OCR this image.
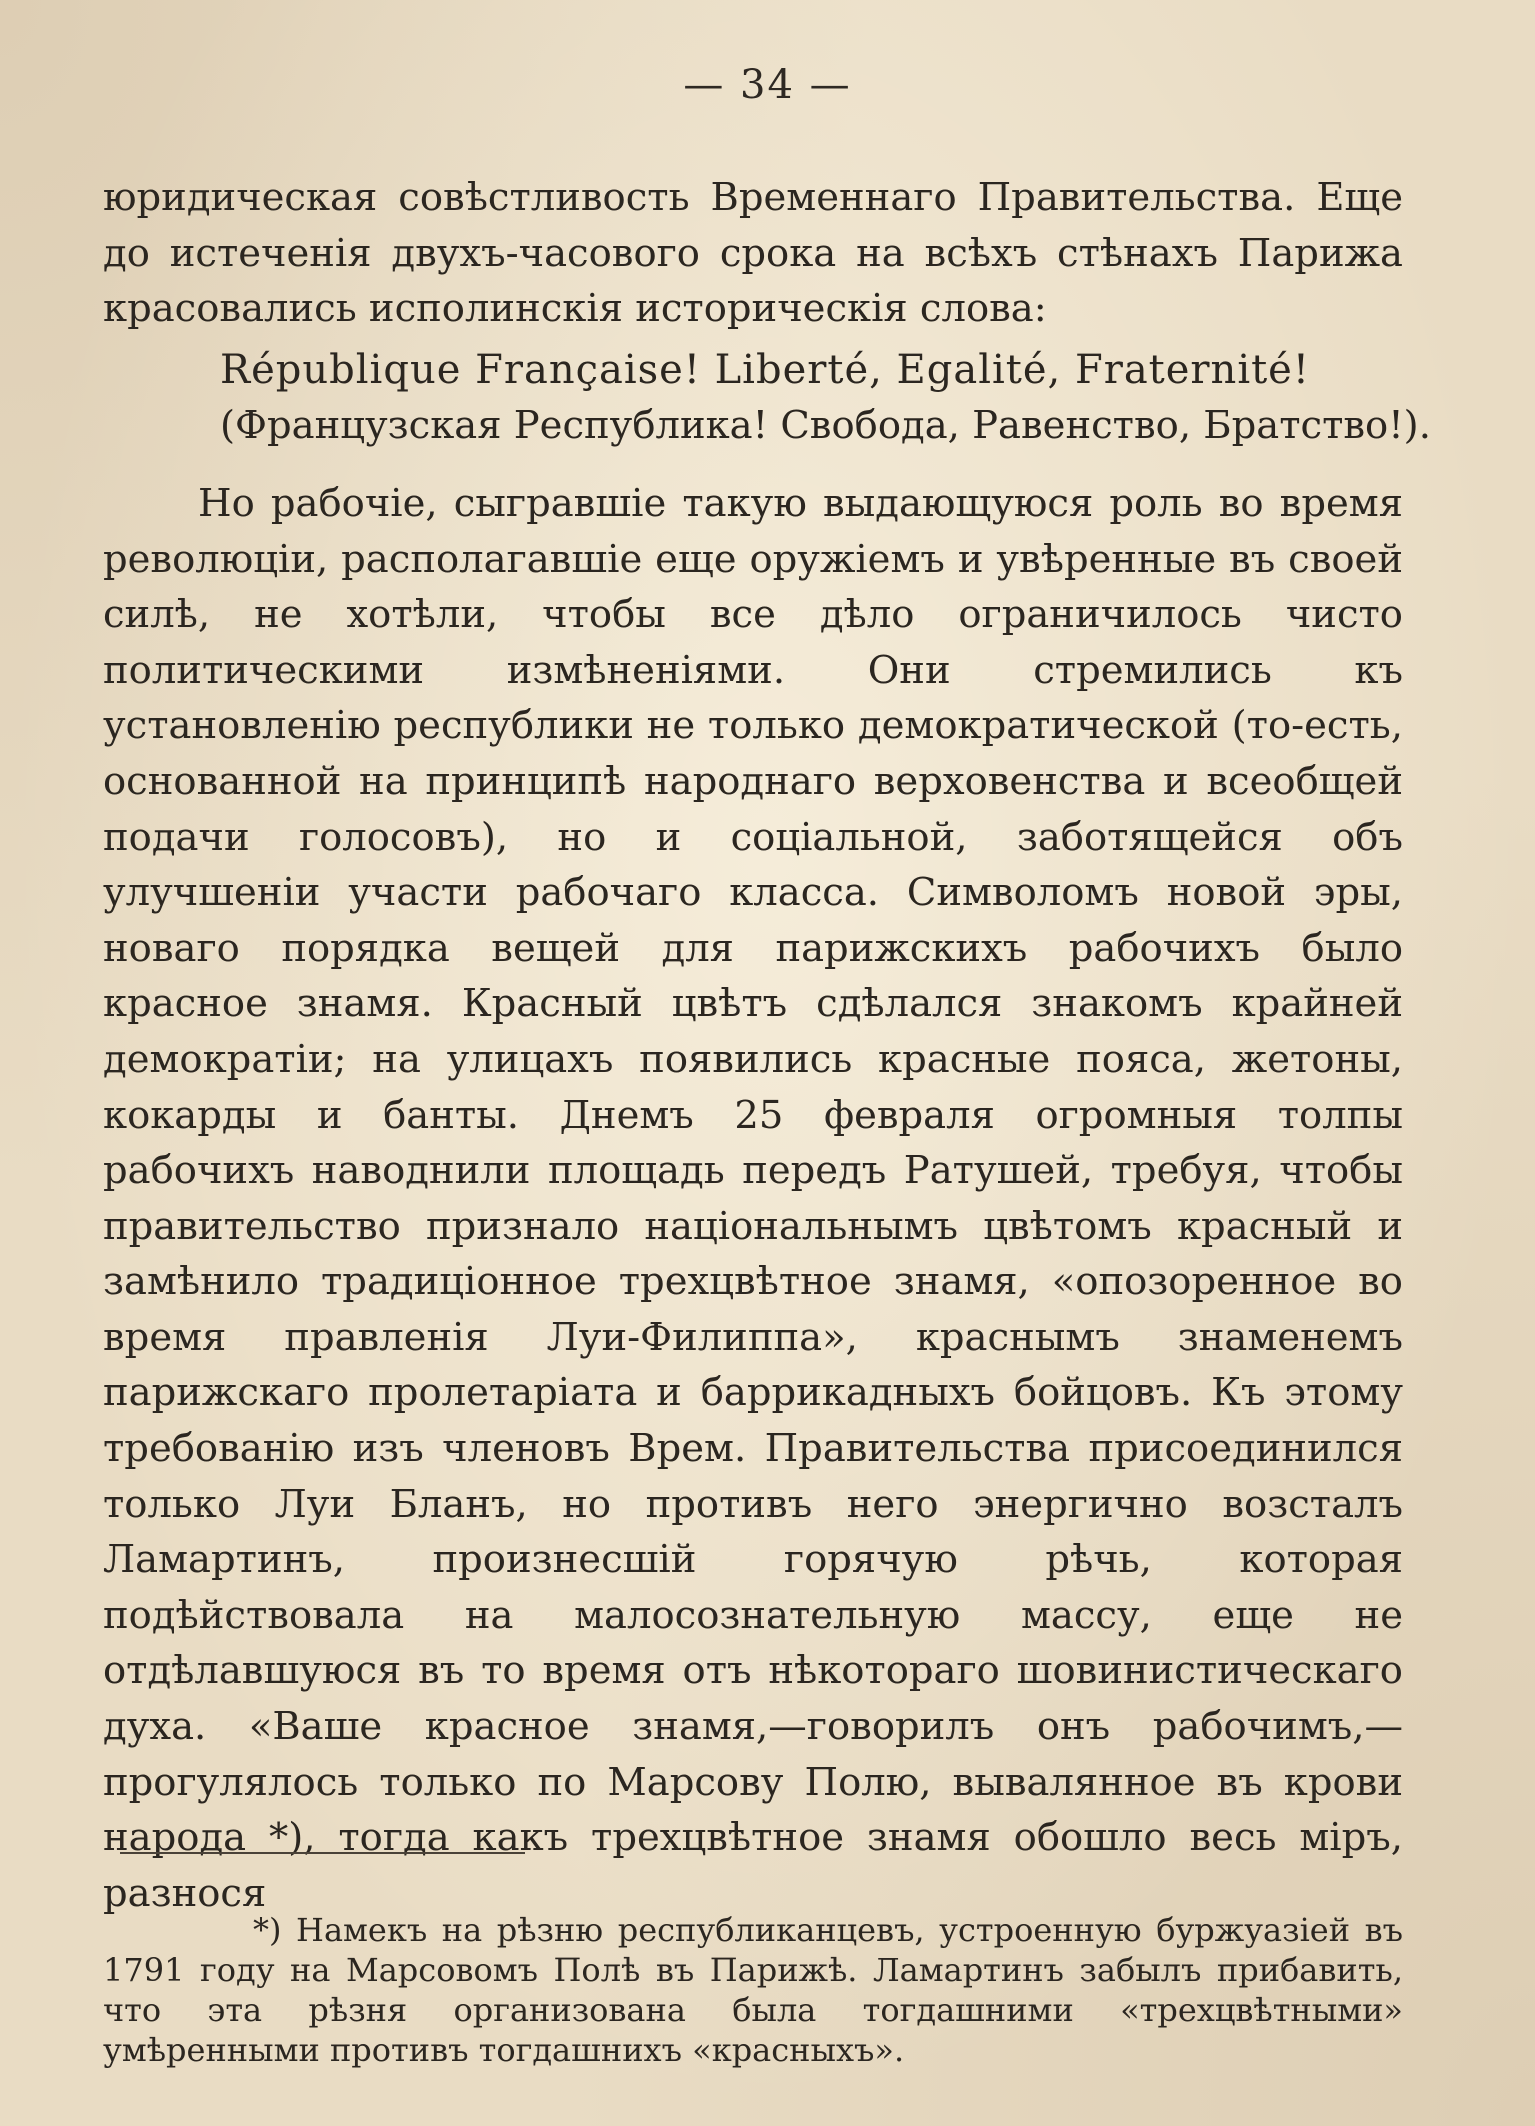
— 34 —

юридическая совѣстливость Временнаго Правительства. Еще до истеченія двухъ-часового срока на всѣхъ стѣнахъ Парижа красовались исполинскія историческія слова:

République Française! Liberté, Egalité, Fraternité!
(Французская Республика! Свобода, Равенство, Братство!).

Но рабочіе, сыгравшіе такую выдающуюся роль во время революціи, располагавшіе еще оружіемъ и увѣренные въ своей силѣ, не хотѣли, чтобы все дѣло ограничилось чисто политическими измѣненіями. Они стремились къ установленію республики не только демократической (то-есть, основанной на принципѣ народнаго верховенства и всеобщей подачи голосовъ), но и соціальной, заботящейся объ улучшеніи участи рабочаго класса. Символомъ новой эры, новаго порядка вещей для парижскихъ рабочихъ было красное знамя. Красный цвѣтъ сдѣлался знакомъ крайней демократіи; на улицахъ появились красные пояса, жетоны, кокарды и банты. Днемъ 25 февраля огромныя толпы рабочихъ наводнили площадь передъ Ратушей, требуя, чтобы правительство признало національнымъ цвѣтомъ красный и замѣнило традиціонное трехцвѣтное знамя, «опозоренное во время правленія Луи-Филиппа», краснымъ знаменемъ парижскаго пролетаріата и баррикадныхъ бойцовъ. Къ этому требованію изъ членовъ Врем. Правительства присоединился только Луи Бланъ, но противъ него энергично возсталъ Ламартинъ, произнесшій горячую рѣчь, которая подѣйствовала на малосознательную массу, еще не отдѣлавшуюся въ то время отъ нѣкотораго шовинистическаго духа. «Ваше красное знамя,—говорилъ онъ рабочимъ,—прогулялось только по Марсову Полю, вываляннoе въ крови народа *), тогда какъ трехцвѣтное знамя обошло весь міръ, разнося

*) Намекъ на рѣзню республиканцевъ, устроенную буржуазіей въ 1791 году на Марсовомъ Полѣ въ Парижѣ. Ламартинъ забылъ прибавить, что эта рѣзня организована была тогдашними «трехцвѣтными» умѣренными противъ тогдашнихъ «красныхъ».
